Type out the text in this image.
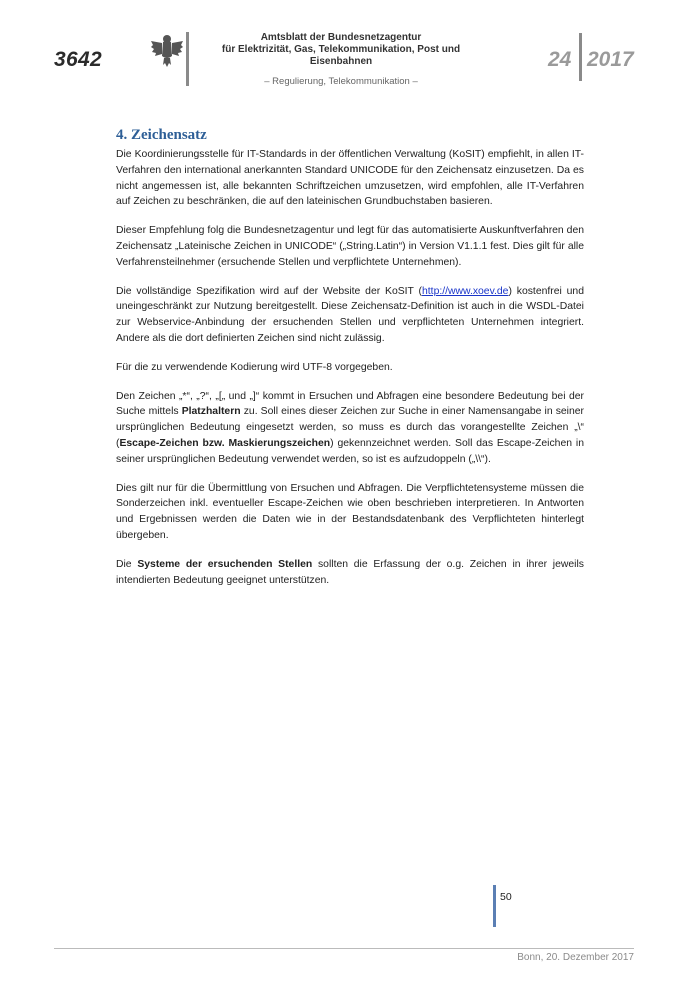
3642
Amtsblatt der Bundesnetzagentur
für Elektrizität, Gas, Telekommunikation, Post und Eisenbahnen
– Regulierung, Telekommunikation –
24 2017
4. Zeichensatz

Die Koordinierungsstelle für IT-Standards in der öffentlichen Verwaltung (KoSIT) empfiehlt, in allen IT-Verfahren den international anerkannten Standard UNICODE für den Zeichensatz einzusetzen. Da es nicht angemessen ist, alle bekannten Schriftzeichen umzusetzen, wird empfohlen, alle IT-Verfahren auf Zeichen zu beschränken, die auf den lateinischen Grundbuchstaben basieren.

Dieser Empfehlung folg die Bundesnetzagentur und legt für das automatisierte Auskunftverfahren den Zeichensatz „Lateinische Zeichen in UNICODE“ („String.Latin“) in Version V1.1.1 fest. Dies gilt für alle Verfahrensteilnehmer (ersuchende Stellen und verpflichtete Unternehmen).

Die vollständige Spezifikation wird auf der Website der KoSIT (http://www.xoev.de) kostenfrei und uneingeschränkt zur Nutzung bereitgestellt. Diese Zeichensatz-Definition ist auch in die WSDL-Datei zur Webservice-Anbindung der ersuchenden Stellen und verpflichteten Unternehmen integriert. Andere als die dort definierten Zeichen sind nicht zulässig.

Für die zu verwendende Kodierung wird UTF-8 vorgegeben.

Den Zeichen „*“, „?“, „[„ und „]“ kommt in Ersuchen und Abfragen eine besondere Bedeutung bei der Suche mittels Platzhaltern zu. Soll eines dieser Zeichen zur Suche in einer Namensangabe in seiner ursprünglichen Bedeutung eingesetzt werden, so muss es durch das vorangestellte Zeichen „\“ (Escape-Zeichen bzw. Maskierungszeichen) gekennzeichnet werden. Soll das Escape-Zeichen in seiner ursprünglichen Bedeutung verwendet werden, so ist es aufzudoppeln („\\“).

Dies gilt nur für die Übermittlung von Ersuchen und Abfragen. Die Verpflichtetensysteme müssen die Sonderzeichen inkl. eventueller Escape-Zeichen wie oben beschrieben interpretieren. In Antworten und Ergebnissen werden die Daten wie in der Bestandsdatenbank des Verpflichteten hinterlegt übergeben.

Die Systeme der ersuchenden Stellen sollten die Erfassung der o.g. Zeichen in ihrer jeweils intendierten Bedeutung geeignet unterstützen.

50
Bonn, 20. Dezember 2017
